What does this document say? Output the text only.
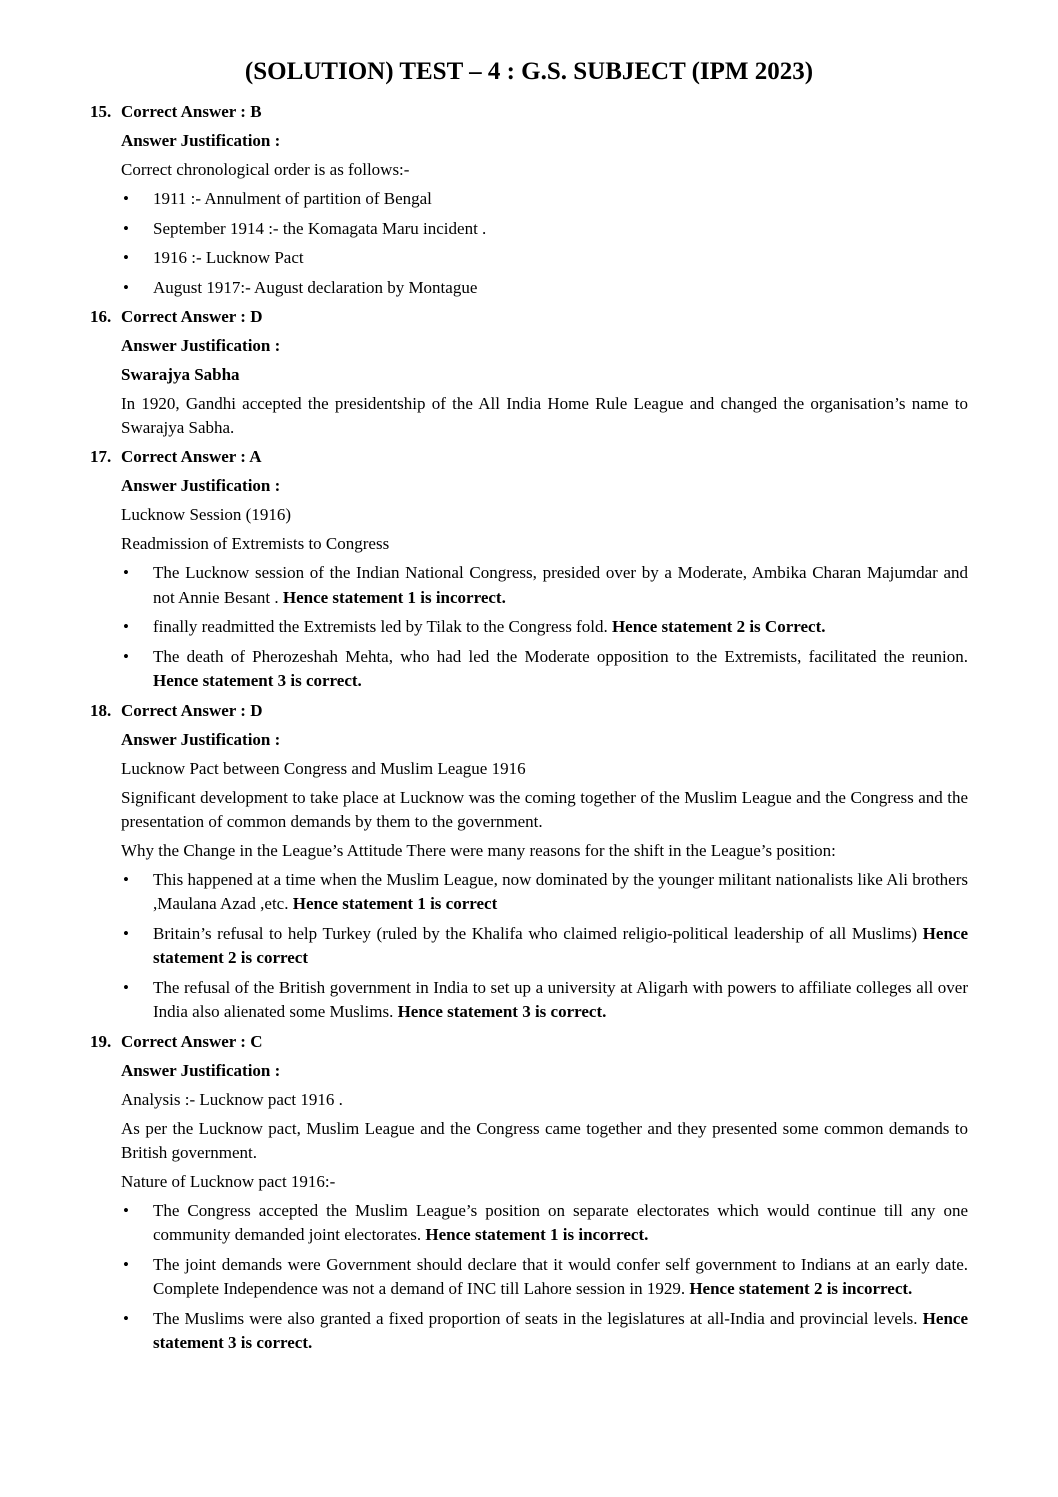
(SOLUTION) TEST – 4 : G.S. SUBJECT (IPM 2023)
15. Correct Answer : B
Answer Justification :
Correct chronological order is as follows:-
• 1911 :- Annulment of partition of Bengal
• September 1914 :- the Komagata Maru incident .
• 1916 :- Lucknow Pact
• August 1917:- August declaration by Montague
16. Correct Answer : D
Answer Justification :
Swarajya Sabha
In 1920, Gandhi accepted the presidentship of the All India Home Rule League and changed the organisation’s name to Swarajya Sabha.
17. Correct Answer : A
Answer Justification :
Lucknow Session (1916)
Readmission of Extremists to Congress
• The Lucknow session of the Indian National Congress, presided over by a Moderate, Ambika Charan Majumdar and not Annie Besant . Hence statement 1 is incorrect.
• finally readmitted the Extremists led by Tilak to the Congress fold. Hence statement 2 is Correct.
• The death of Pherozeshah Mehta, who had led the Moderate opposition to the Extremists, facilitated the reunion. Hence statement 3 is correct.
18. Correct Answer : D
Answer Justification :
Lucknow Pact between Congress and Muslim League 1916
Significant development to take place at Lucknow was the coming together of the Muslim League and the Congress and the presentation of common demands by them to the government.
Why the Change in the League’s Attitude There were many reasons for the shift in the League’s position:
• This happened at a time when the Muslim League, now dominated by the younger militant nationalists like Ali brothers ,Maulana Azad ,etc. Hence statement 1 is correct
• Britain’s refusal to help Turkey (ruled by the Khalifa who claimed religio-political leadership of all Muslims) Hence statement 2 is correct
• The refusal of the British government in India to set up a university at Aligarh with powers to affiliate colleges all over India also alienated some Muslims. Hence statement 3 is correct.
19. Correct Answer : C
Answer Justification :
Analysis :- Lucknow pact 1916 .
As per the Lucknow pact, Muslim League and the Congress came together and they presented some common demands to British government.
Nature of Lucknow pact 1916:-
• The Congress accepted the Muslim League’s position on separate electorates which would continue till any one community demanded joint electorates. Hence statement 1 is incorrect.
• The joint demands were Government should declare that it would confer self government to Indians at an early date. Complete Independence was not a demand of INC till Lahore session in 1929. Hence statement 2 is incorrect.
• The Muslims were also granted a fixed proportion of seats in the legislatures at all-India and provincial levels. Hence statement 3 is correct.
